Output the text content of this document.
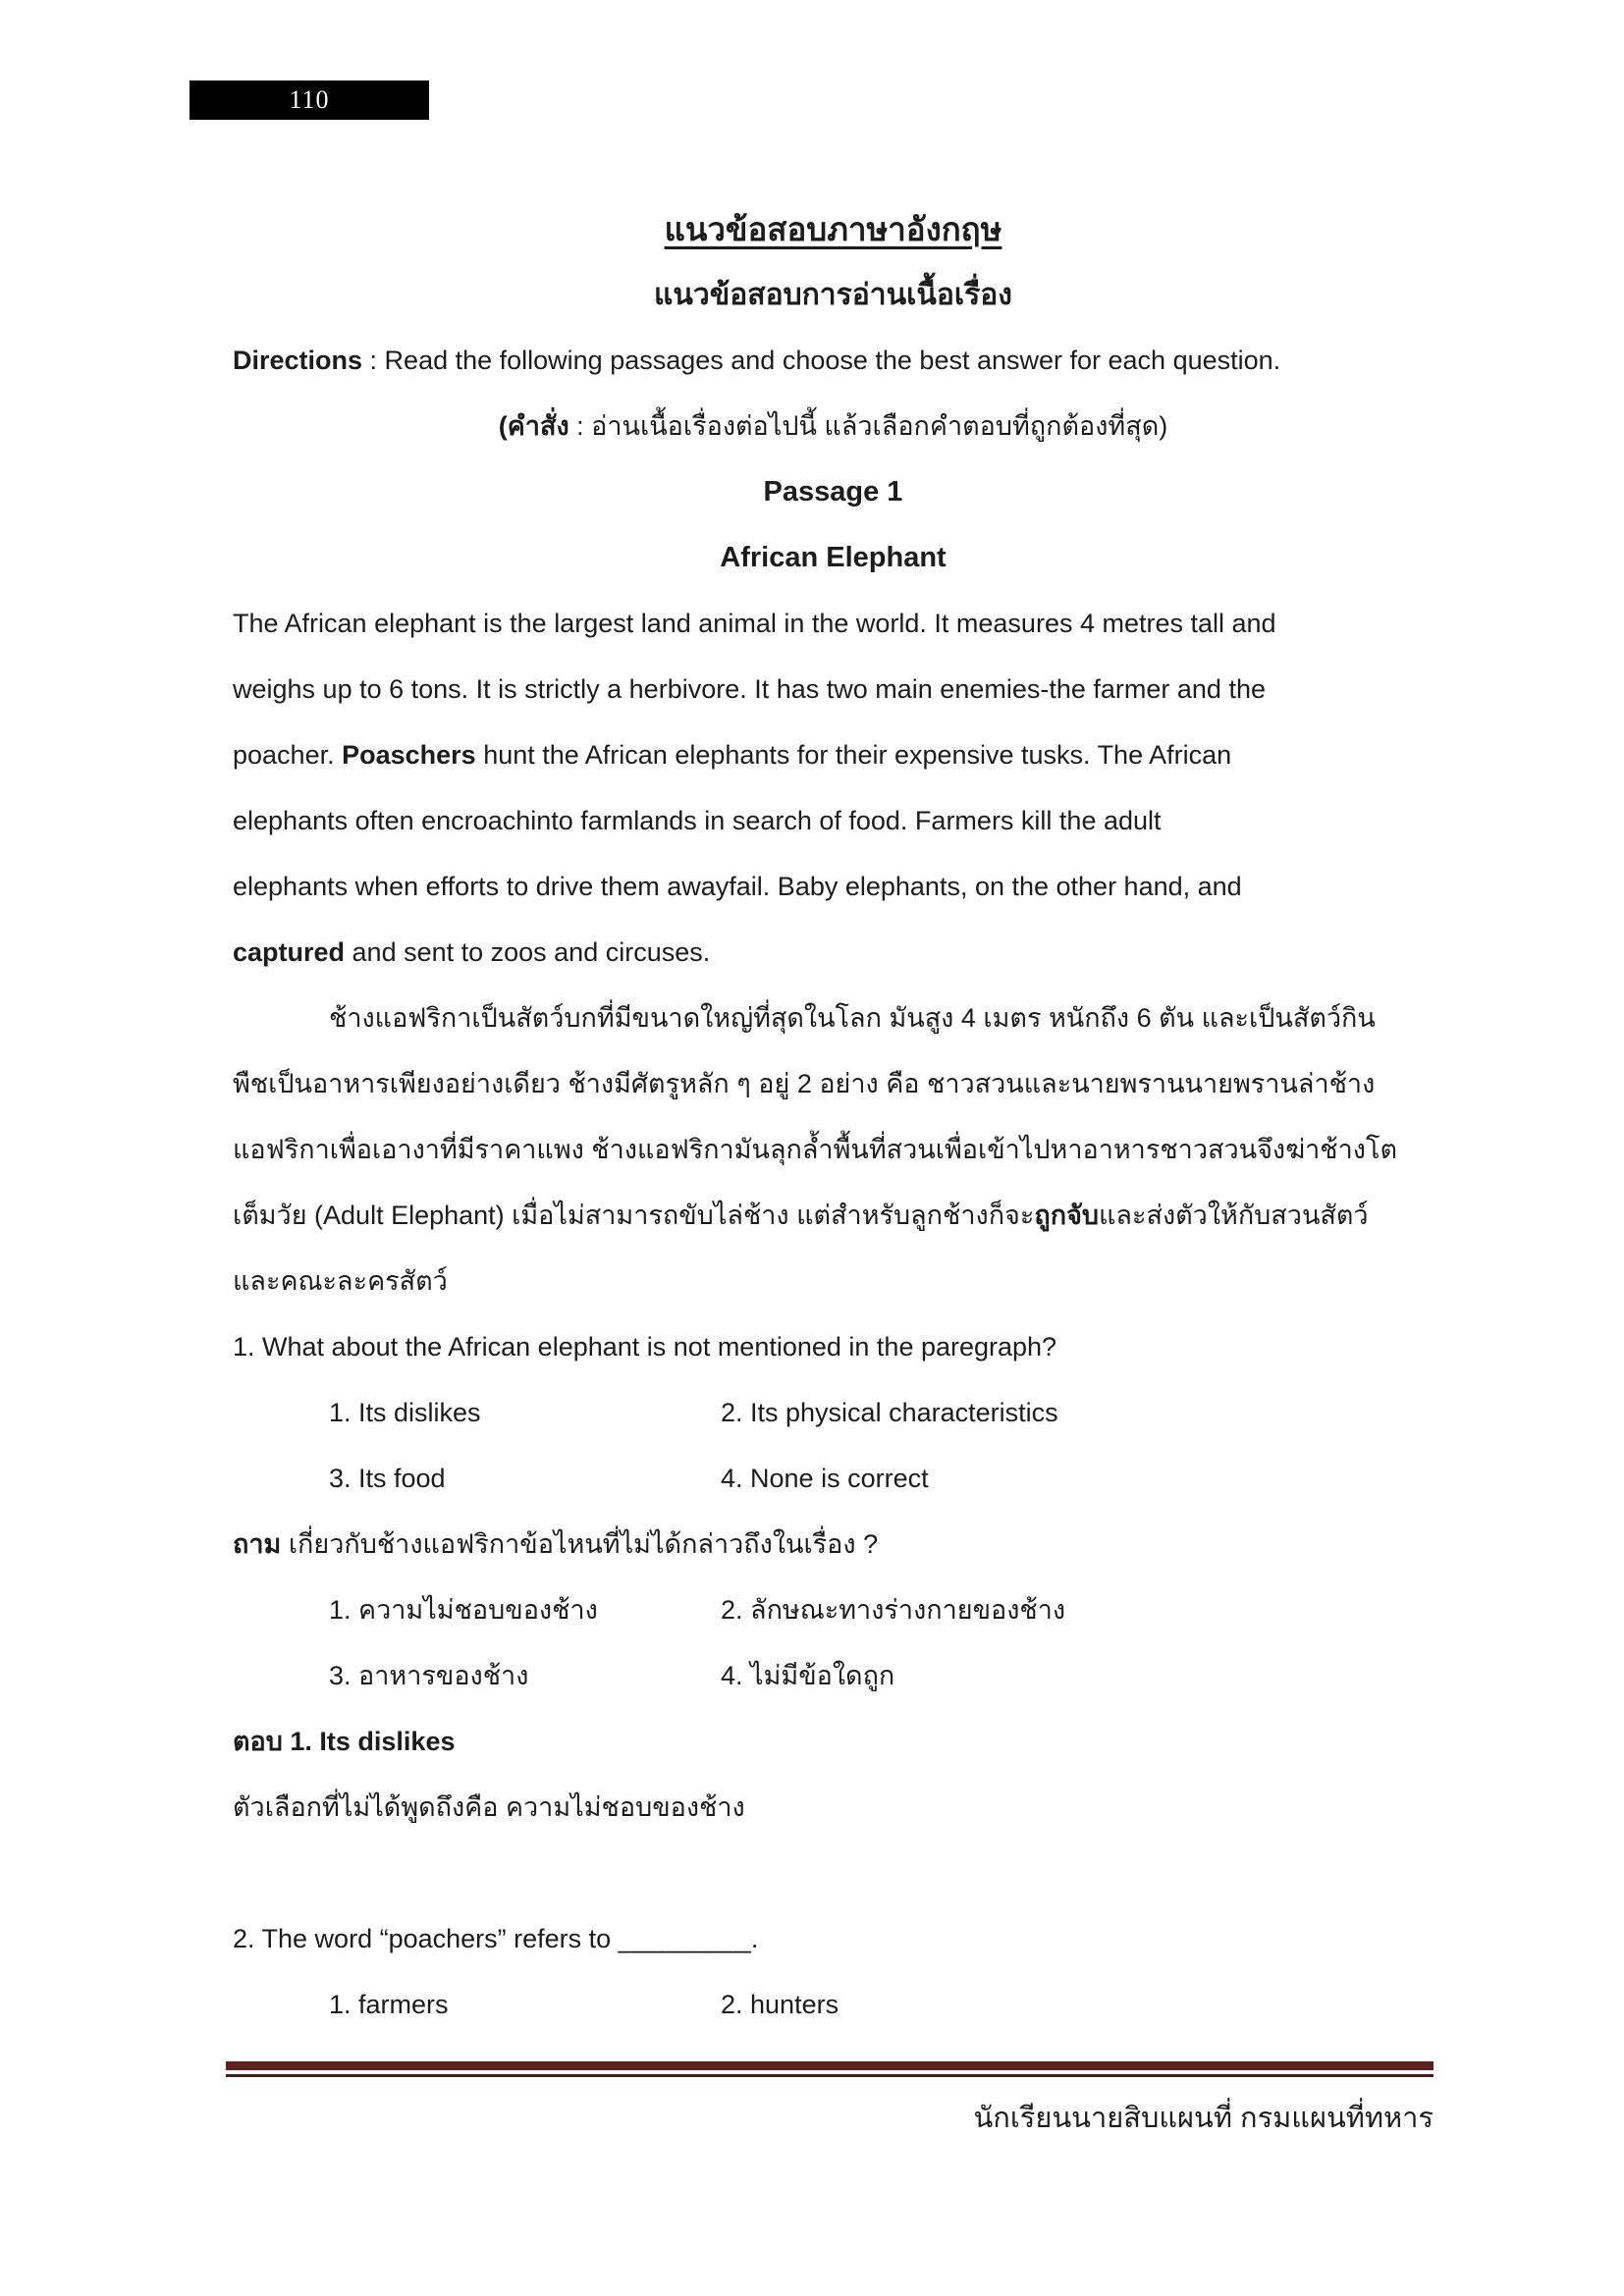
110
แนวข้อสอบภาษาอังกฤษ
แนวข้อสอบการอ่านเนื้อเรื่อง
Directions : Read the following passages and choose the best answer for each question.
(คำสั่ง : อ่านเนื้อเรื่องต่อไปนี้ แล้วเลือกคำตอบที่ถูกต้องที่สุด)
Passage 1
African Elephant
The African elephant is the largest land animal in the world. It measures 4 metres tall and
weighs up to 6 tons. It is strictly a herbivore. It has two main enemies-the farmer and the
poacher. Poaschers hunt the African elephants for their expensive tusks. The African
elephants often encroachinto farmlands in search of food. Farmers kill the adult
elephants when efforts to drive them awayfail. Baby elephants, on the other hand, and
captured and sent to zoos and circuses.
ช้างแอฟริกาเป็นสัตว์บกที่มีขนาดใหญ่ที่สุดในโลก มันสูง 4 เมตร หนักถึง 6 ตัน และเป็นสัตว์กิน
พืชเป็นอาหารเพียงอย่างเดียว ช้างมีศัตรูหลัก ๆ อยู่ 2 อย่าง คือ ชาวสวนและนายพรานนายพรานล่าช้าง
แอฟริกาเพื่อเอางาที่มีราคาแพง ช้างแอฟริกามันลุกล้ำพื้นที่สวนเพื่อเข้าไปหาอาหารชาวสวนจึงฆ่าช้างโต
เต็มวัย (Adult Elephant) เมื่อไม่สามารถขับไล่ช้าง แต่สำหรับลูกช้างก็จะถูกจับและส่งตัวให้กับสวนสัตว์
และคณะละครสัตว์
1. What about the African elephant is not mentioned in the paregraph?
1. Its dislikes	2. Its physical characteristics
3. Its food	4. None is correct
ถาม เกี่ยวกับช้างแอฟริกาข้อไหนที่ไม่ได้กล่าวถึงในเรื่อง ?
1. ความไม่ชอบของช้าง	2. ลักษณะทางร่างกายของช้าง
3. อาหารของช้าง	4. ไม่มีข้อใดถูก
ตอบ 1. Its dislikes
ตัวเลือกที่ไม่ได้พูดถึงคือ ความไม่ชอบของช้าง
2. The word “poachers” refers to _________.
1. farmers	2. hunters
นักเรียนนายสิบแผนที่ กรมแผนที่ทหาร
